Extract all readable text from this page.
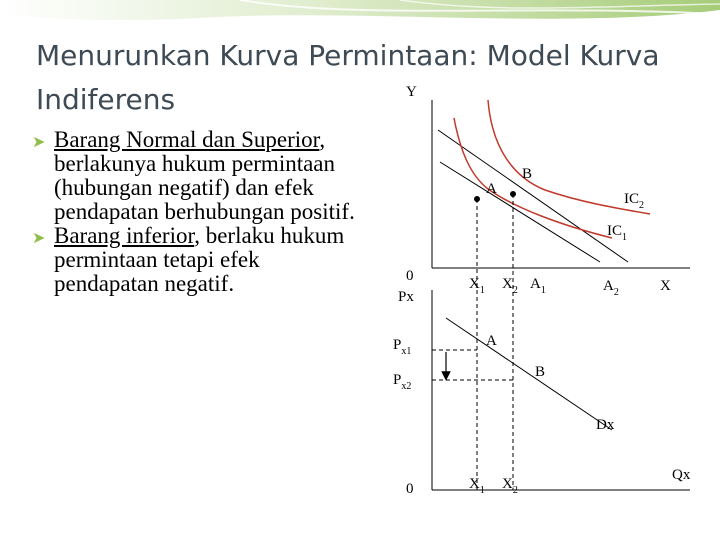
Menurunkan Kurva Permintaan: Model Kurva Indiferens
➤ Barang Normal dan Superior, berlakunya hukum permintaan (hubungan negatif) dan efek pendapatan berhubungan positif.
➤ Barang inferior, berlaku hukum permintaan tetapi efek pendapatan negatif.
Y
0
X
A
B
$IC_2$
$IC_1$
$X_1$ $X_2$ $A_1$	$A_2$
Px
$P_{x1}$
$P_{x2}$
A
B
Dx
0
Qx
$X_1$ $X_2$
